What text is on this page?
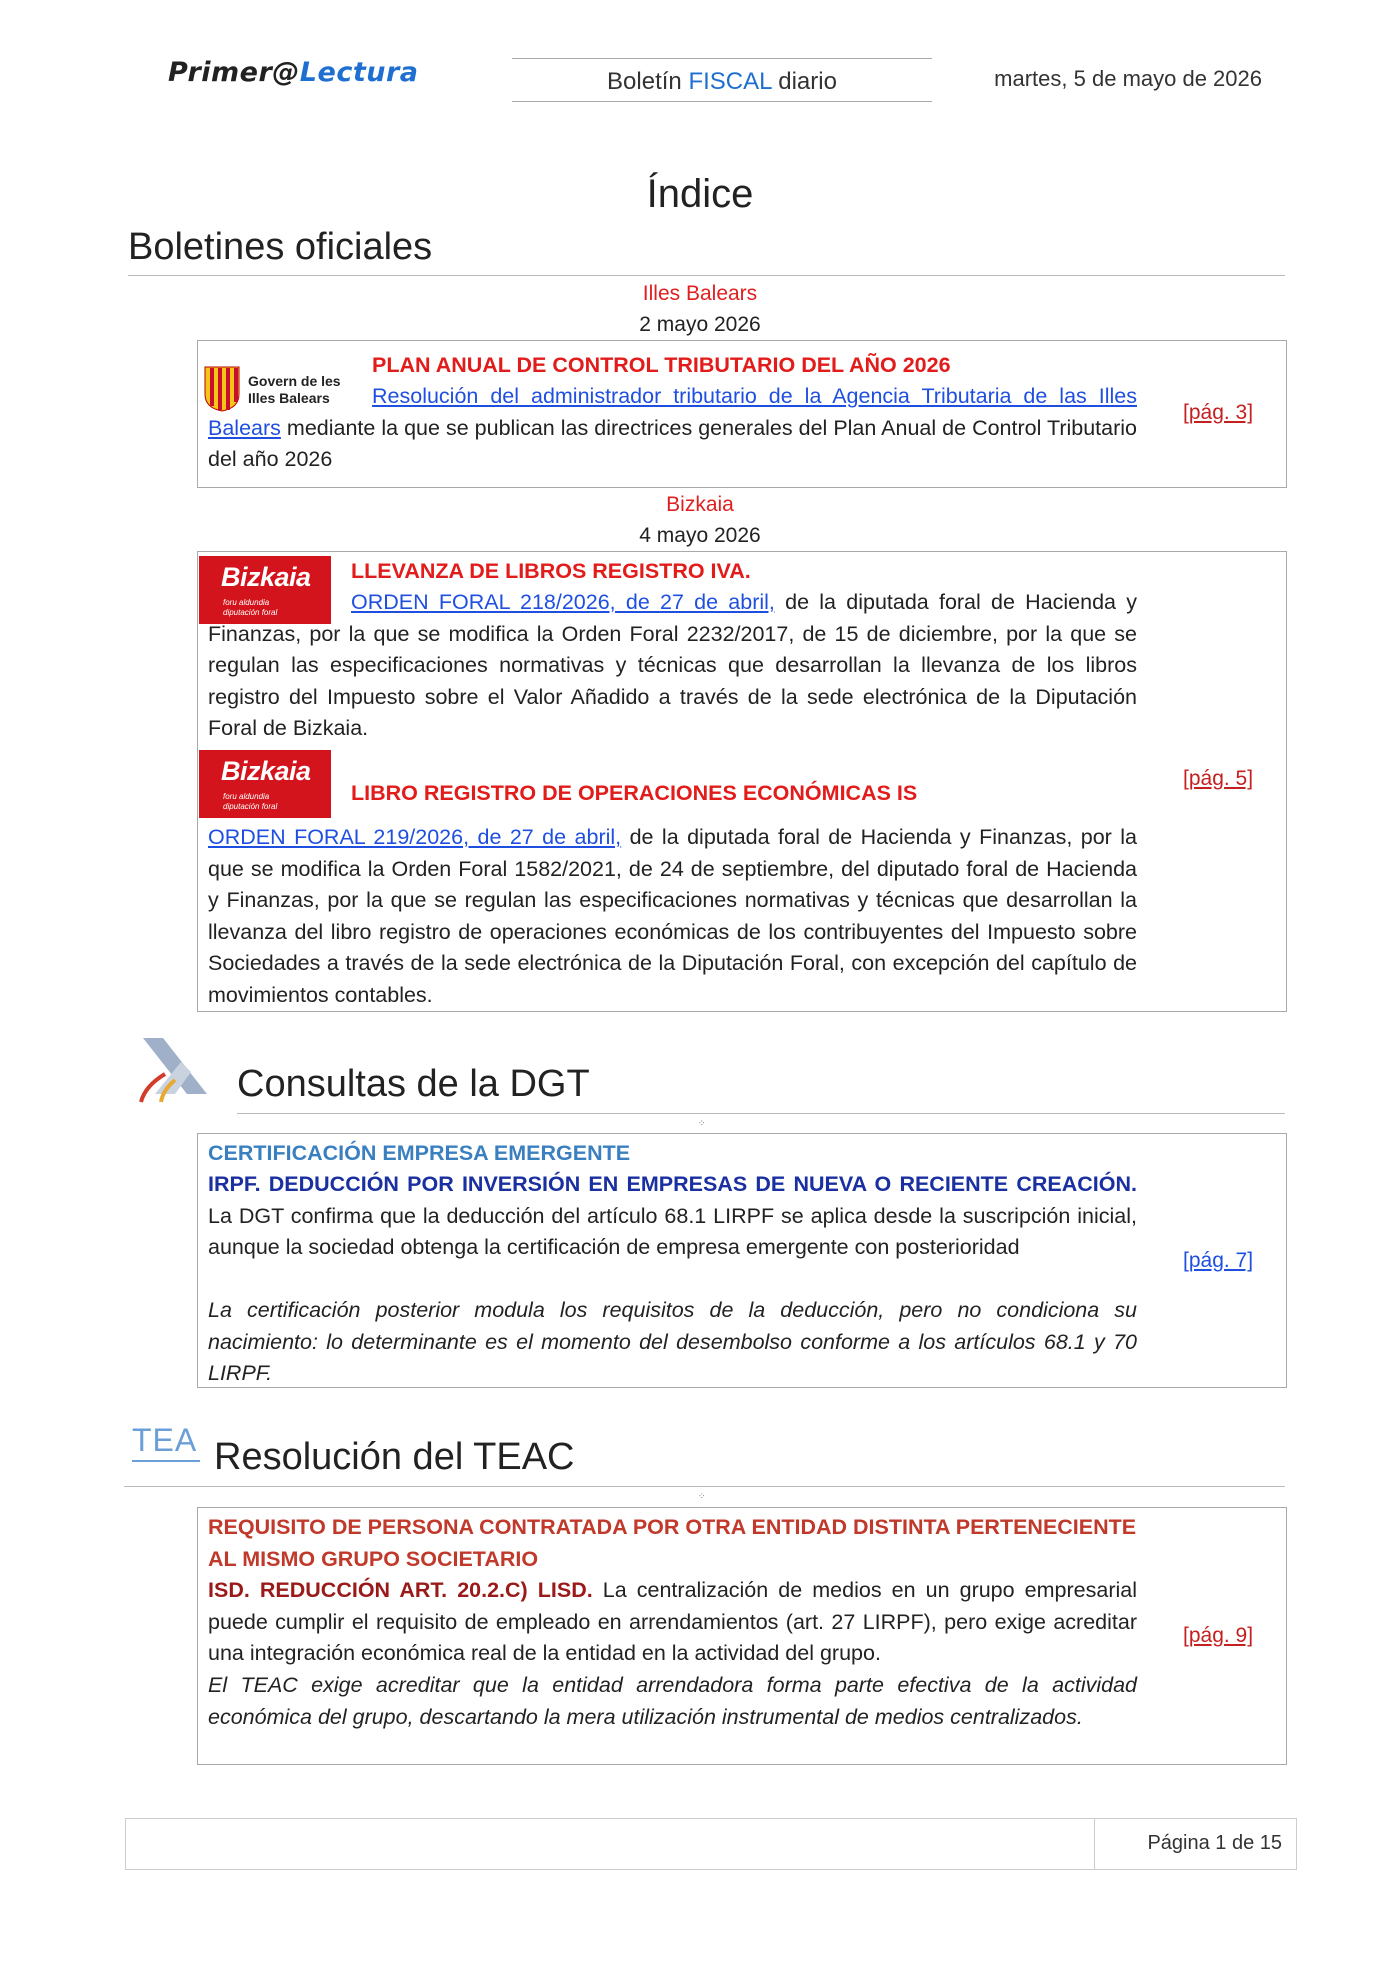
Primer@Lectura	Boletín FISCAL diario	martes, 5 de mayo de 2026
Índice
Boletines oficiales
Illes Balears
2 mayo 2026
Govern de les
Illes Balears
PLAN ANUAL DE CONTROL TRIBUTARIO DEL AÑO 2026
Resolución del administrador tributario de la Agencia Tributaria de las Illes Balears mediante la que se publican las directrices generales del Plan Anual de Control Tributario del año 2026
[pág. 3]
Bizkaia
4 mayo 2026
Bizkaia
foru aldundia
diputación foral
LLEVANZA DE LIBROS REGISTRO IVA.
ORDEN FORAL 218/2026, de 27 de abril, de la diputada foral de Hacienda y Finanzas, por la que se modifica la Orden Foral 2232/2017, de 15 de diciembre, por la que se regulan las especificaciones normativas y técnicas que desarrollan la llevanza de los libros registro del Impuesto sobre el Valor Añadido a través de la sede electrónica de la Diputación Foral de Bizkaia.
Bizkaia
foru aldundia
diputación foral
LIBRO REGISTRO DE OPERACIONES ECONÓMICAS IS
ORDEN FORAL 219/2026, de 27 de abril, de la diputada foral de Hacienda y Finanzas, por la que se modifica la Orden Foral 1582/2021, de 24 de septiembre, del diputado foral de Hacienda y Finanzas, por la que se regulan las especificaciones normativas y técnicas que desarrollan la llevanza del libro registro de operaciones económicas de los contribuyentes del Impuesto sobre Sociedades a través de la sede electrónica de la Diputación Foral, con excepción del capítulo de movimientos contables.
[pág. 5]
Consultas de la DGT
⁘
CERTIFICACIÓN EMPRESA EMERGENTE
IRPF. DEDUCCIÓN POR INVERSIÓN EN EMPRESAS DE NUEVA O RECIENTE CREACIÓN. La DGT confirma que la deducción del artículo 68.1 LIRPF se aplica desde la suscripción inicial, aunque la sociedad obtenga la certificación de empresa emergente con posterioridad
La certificación posterior modula los requisitos de la deducción, pero no condiciona su nacimiento: lo determinante es el momento del desembolso conforme a los artículos 68.1 y 70 LIRPF.
[pág. 7]
TEA Resolución del TEAC
⁘
REQUISITO DE PERSONA CONTRATADA POR OTRA ENTIDAD DISTINTA PERTENECIENTE AL MISMO GRUPO SOCIETARIO
ISD. REDUCCIÓN ART. 20.2.C) LISD. La centralización de medios en un grupo empresarial puede cumplir el requisito de empleado en arrendamientos (art. 27 LIRPF), pero exige acreditar una integración económica real de la entidad en la actividad del grupo.
El TEAC exige acreditar que la entidad arrendadora forma parte efectiva de la actividad económica del grupo, descartando la mera utilización instrumental de medios centralizados.
[pág. 9]
Página 1 de 15
